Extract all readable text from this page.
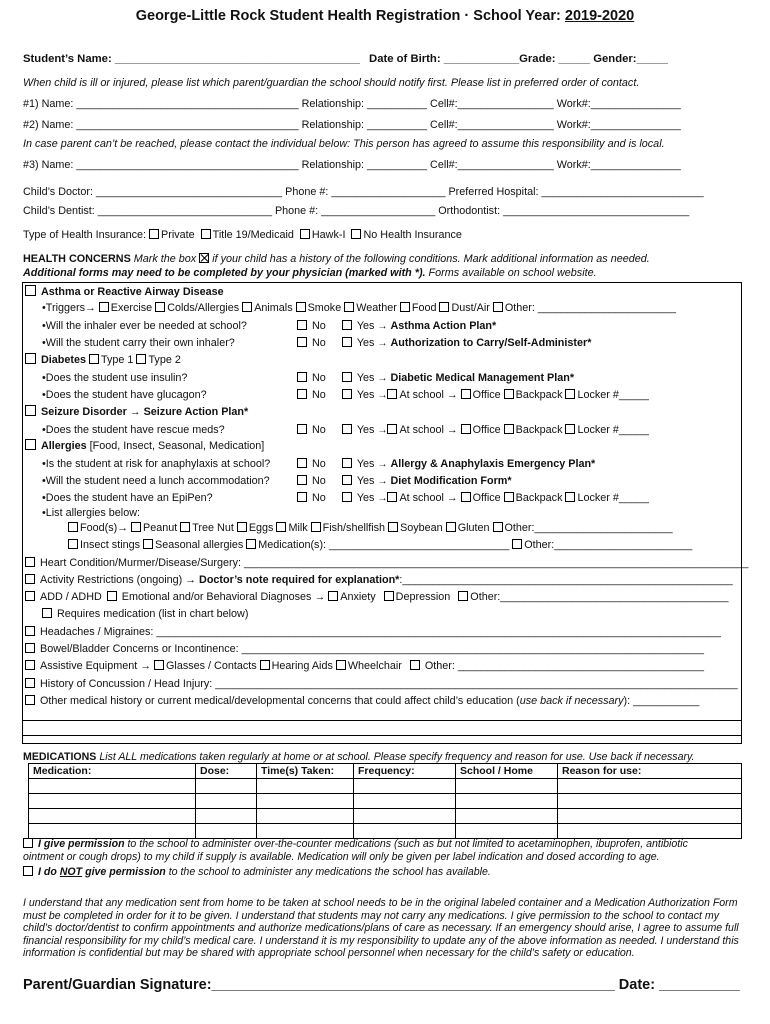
George-Little Rock Student Health Registration · School Year: 2019-2020
Student’s Name: _______________________________________ Date of Birth: ____________Grade: _____ Gender:_____
When child is ill or injured, please list which parent/guardian the school should notify first. Please list in preferred order of contact.
#1) Name: _____________________________________ Relationship: __________ Cell#:________________ Work#:_______________
#2) Name: _____________________________________ Relationship: __________ Cell#:________________ Work#:_______________
In case parent can’t be reached, please contact the individual below: This person has agreed to assume this responsibility and is local.
#3) Name: _____________________________________ Relationship: __________ Cell#:________________ Work#:_______________
Child’s Doctor: _______________________________ Phone #: ___________________ Preferred Hospital: ___________________________
Child’s Dentist: _____________________________ Phone #: ___________________ Orthodontist: _______________________________
Type of Health Insurance: Private Title 19/Medicaid Hawk-I No Health Insurance
HEALTH CONCERNS Mark the box  if your child has a history of the following conditions. Mark additional information as needed.
Additional forms may need to be completed by your physician (marked with *). Forms available on school website.
Asthma or Reactive Airway Disease
•Triggers→ Exercise Colds/Allergies Animals Smoke Weather Food Dust/Air Other: _______________________
•Will the inhaler ever be needed at school?	No	Yes → Asthma Action Plan*
•Will the student carry their own inhaler?	No	Yes → Authorization to Carry/Self-Administer*
Diabetes Type 1 Type 2
•Does the student use insulin?	No	Yes → Diabetic Medical Management Plan*
•Does the student have glucagon?	No	Yes → At school → Office Backpack Locker #_____
Seizure Disorder → Seizure Action Plan*
•Does the student have rescue meds?	No	Yes → At school → Office Backpack Locker #_____
Allergies [Food, Insect, Seasonal, Medication]
•Is the student at risk for anaphylaxis at school?	No	Yes → Allergy & Anaphylaxis Emergency Plan*
•Will the student need a lunch accommodation?	No	Yes → Diet Modification Form*
•Does the student have an EpiPen?	No	Yes → At school → Office Backpack Locker #_____
•List allergies below:
Food(s)→ Peanut Tree Nut Eggs Milk Fish/shellfish Soybean Gluten Other:_______________________
Insect stings Seasonal allergies Medication(s): ______________________________ Other:_______________________
Heart Condition/Murmer/Disease/Surgery: ____________________________________________________________________________________
Activity Restrictions (ongoing) → Doctor’s note required for explanation*:_______________________________________________________
ADD / ADHD  Emotional and/or Behavioral Diagnoses → Anxiety Depression Other:______________________________________
Requires medication (list in chart below)
Headaches / Migraines: ______________________________________________________________________________________________
Bowel/Bladder Concerns or Incontinence: _____________________________________________________________________________
Assistive Equipment → Glasses / Contacts Hearing Aids Wheelchair Other: _________________________________________
History of Concussion / Head Injury: _______________________________________________________________________________________
Other medical history or current medical/developmental concerns that could affect child’s education (use back if necessary): ___________
MEDICATIONS List ALL medications taken regularly at home or at school. Please specify frequency and reason for use. Use back if necessary.
Medication:	Dose:	Time(s) Taken:	Frequency:	School / Home	Reason for use:

I give permission to the school to administer over-the-counter medications (such as but not limited to acetaminophen, ibuprofen, antibiotic
ointment or cough drops) to my child if supply is available. Medication will only be given per label indication and dosed according to age.
I do NOT give permission to the school to administer any medications the school has available.
I understand that any medication sent from home to be taken at school needs to be in the original labeled container and a Medication Authorization Form must be completed in order for it to be given. I understand that students may not carry any medications. I give permission to the school to contact my child’s doctor/dentist to confirm appointments and authorize medications/plans of care as necessary. If an emergency should arise, I agree to assume full financial responsibility for my child’s medical care. I understand it is my responsibility to update any of the above information as needed. I understand this information is confidential but may be shared with appropriate school personnel when necessary for the child’s safety or education.
Parent/Guardian Signature:__________________________________________________ Date: __________
